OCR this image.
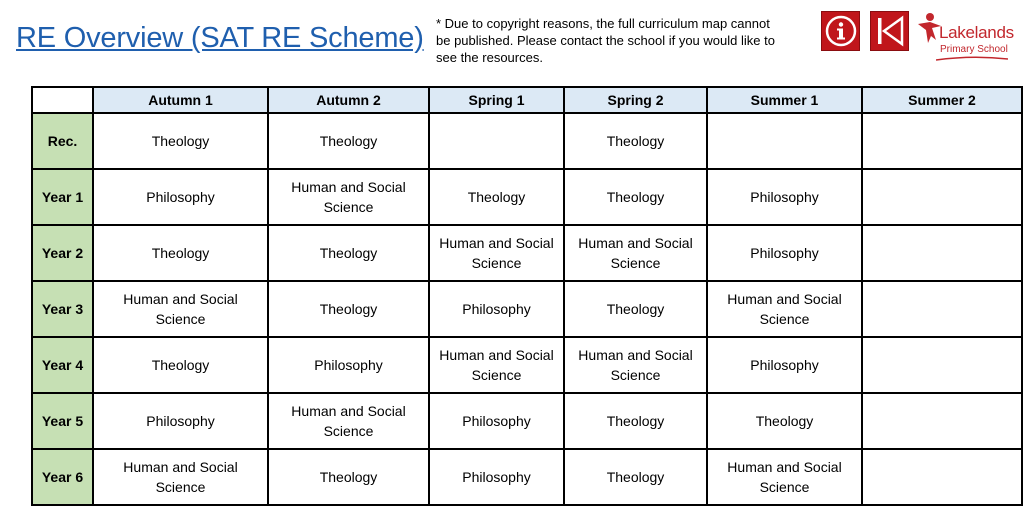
RE Overview (SAT RE Scheme) * Due to copyright reasons, the full curriculum map cannot be published. Please contact the school if you would like to see the resources.
Lakelands
Primary School
	Autumn 1	Autumn 2	Spring 1	Spring 2	Summer 1	Summer 2
Rec.	Theology	Theology		Theology		
Year 1	Philosophy	Human and Social Science	Theology	Theology	Philosophy	
Year 2	Theology	Theology	Human and Social Science	Human and Social Science	Philosophy	
Year 3	Human and Social Science	Theology	Philosophy	Theology	Human and Social Science	
Year 4	Theology	Philosophy	Human and Social Science	Human and Social Science	Philosophy	
Year 5	Philosophy	Human and Social Science	Philosophy	Theology	Theology	
Year 6	Human and Social Science	Theology	Philosophy	Theology	Human and Social Science	
